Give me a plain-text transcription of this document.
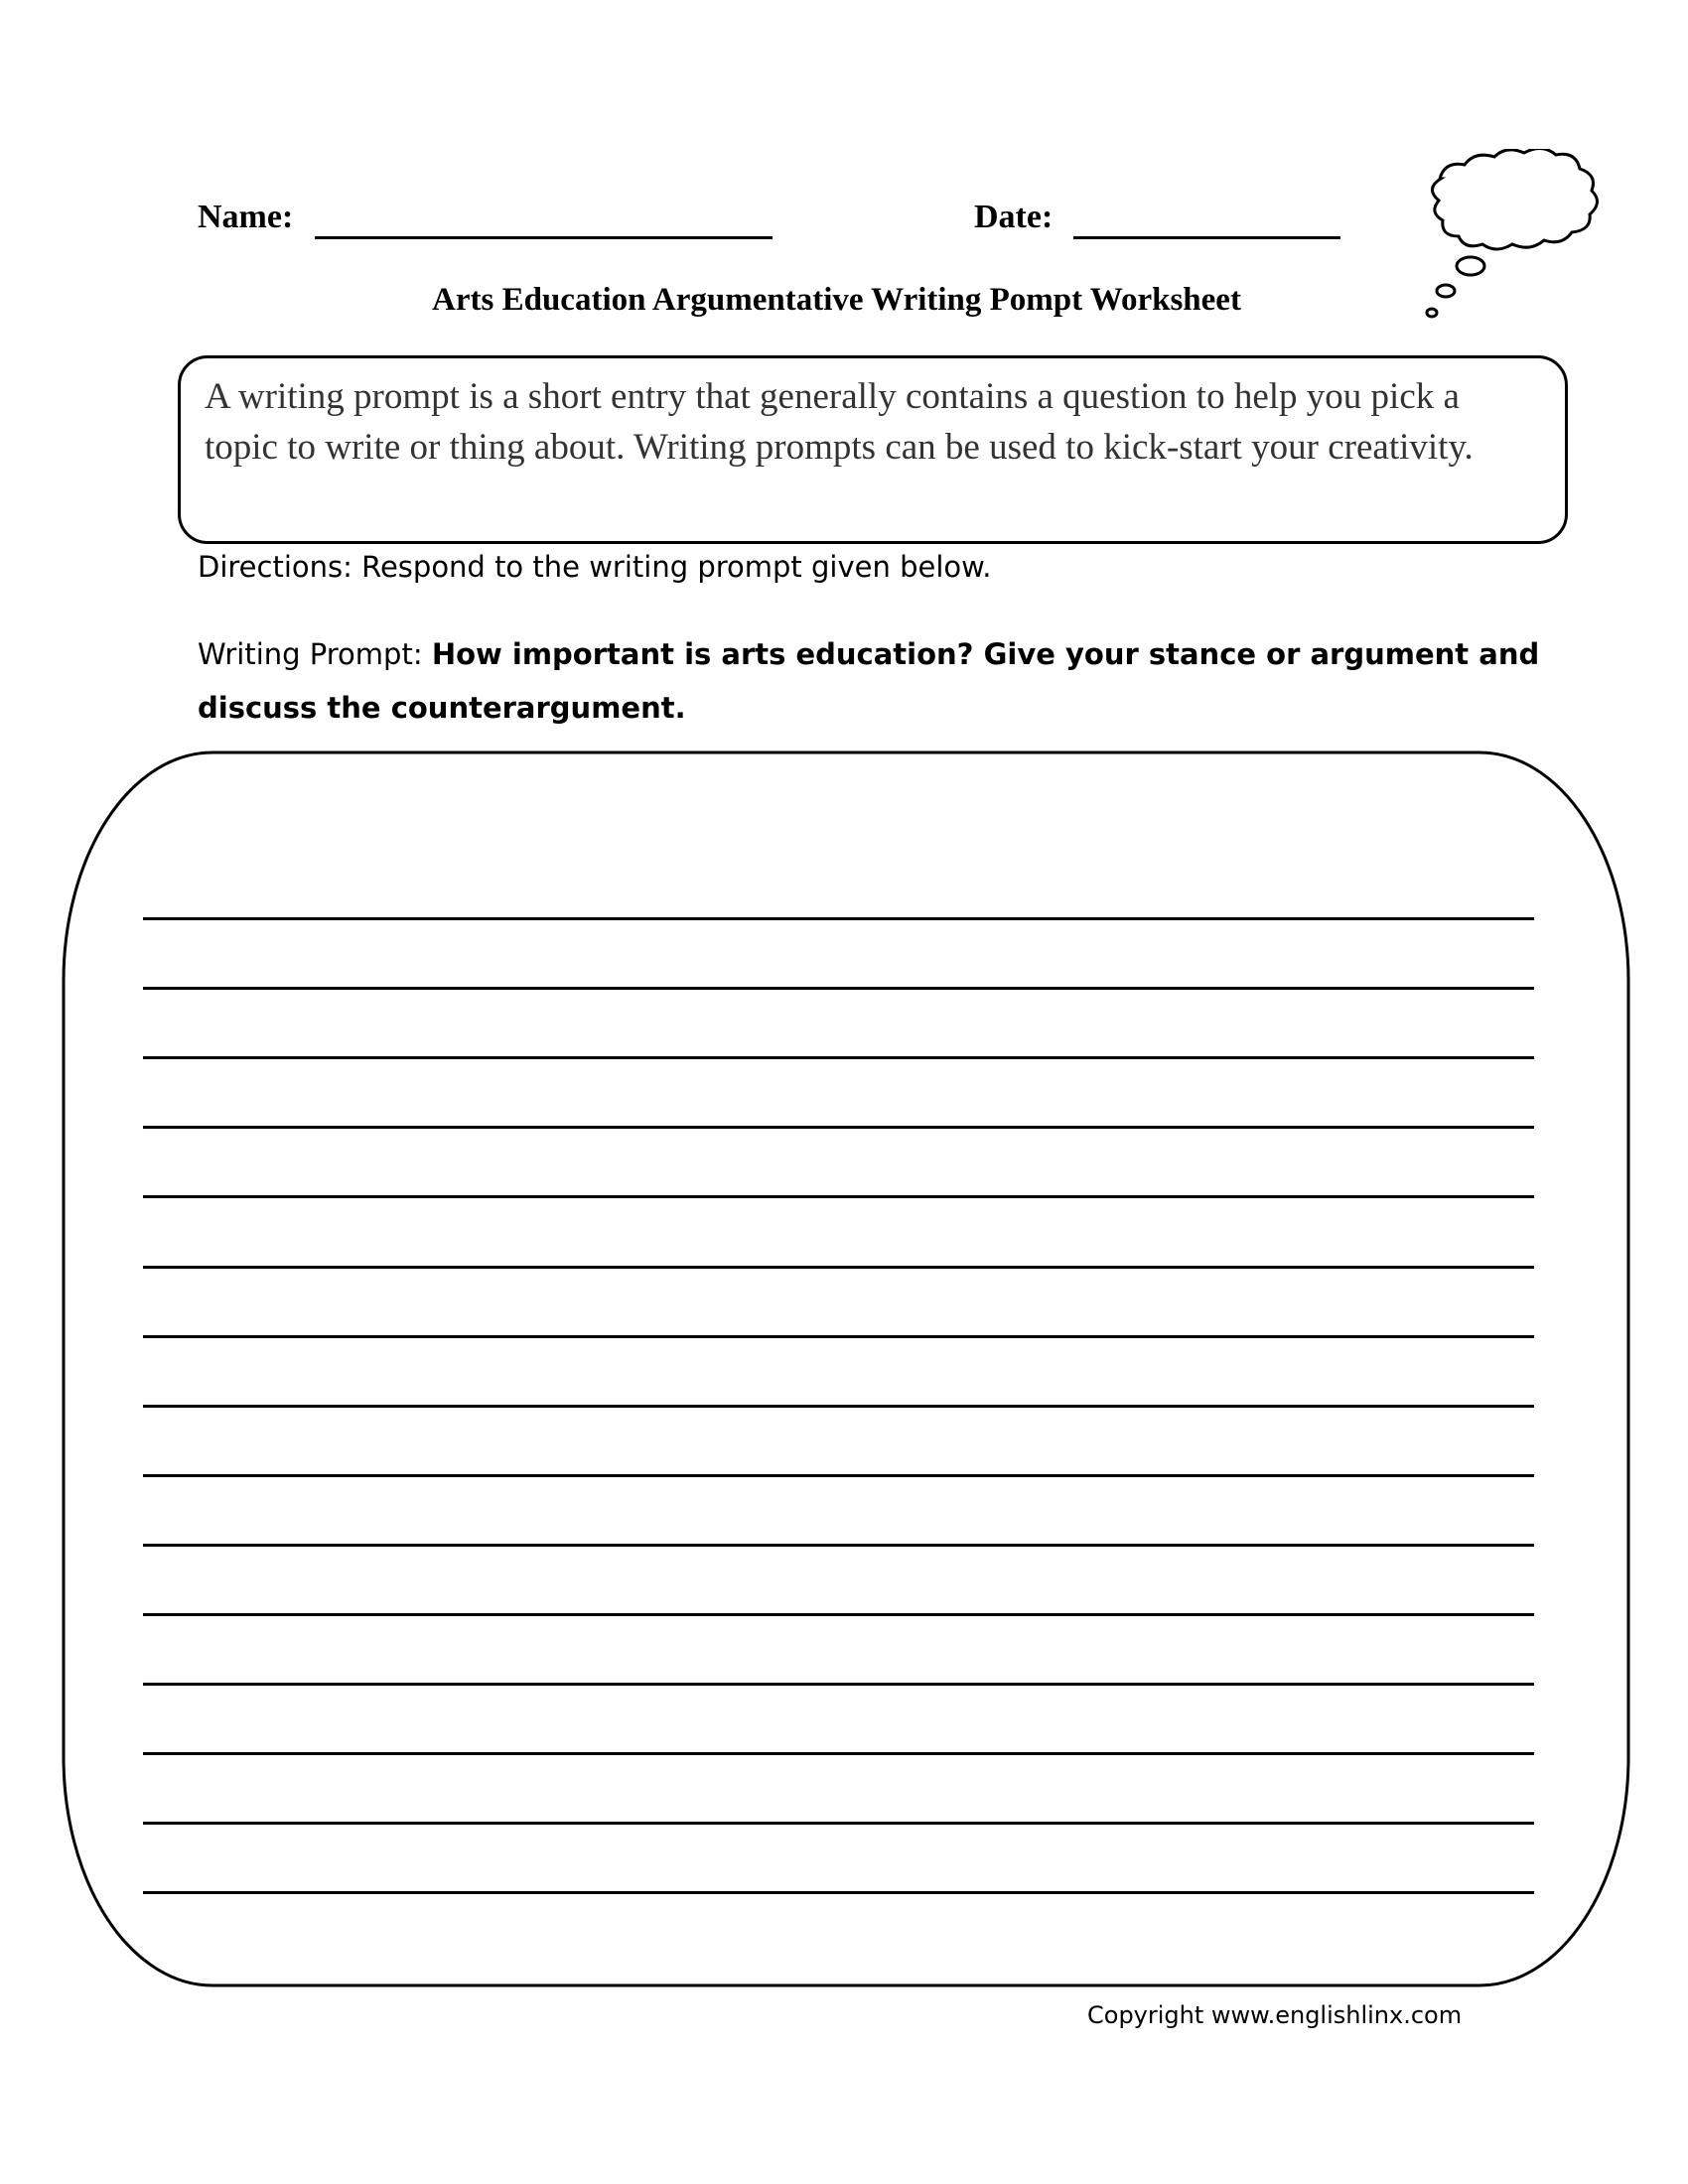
Name:	Date:
Arts Education Argumentative Writing Pompt Worksheet
A writing prompt is a short entry that generally contains a question to help you pick a topic to write or thing about. Writing prompts can be used to kick-start your creativity.
Directions: Respond to the writing prompt given below.
Writing Prompt: How important is arts education? Give your stance or argument and discuss the counterargument.
Copyright www.englishlinx.com
